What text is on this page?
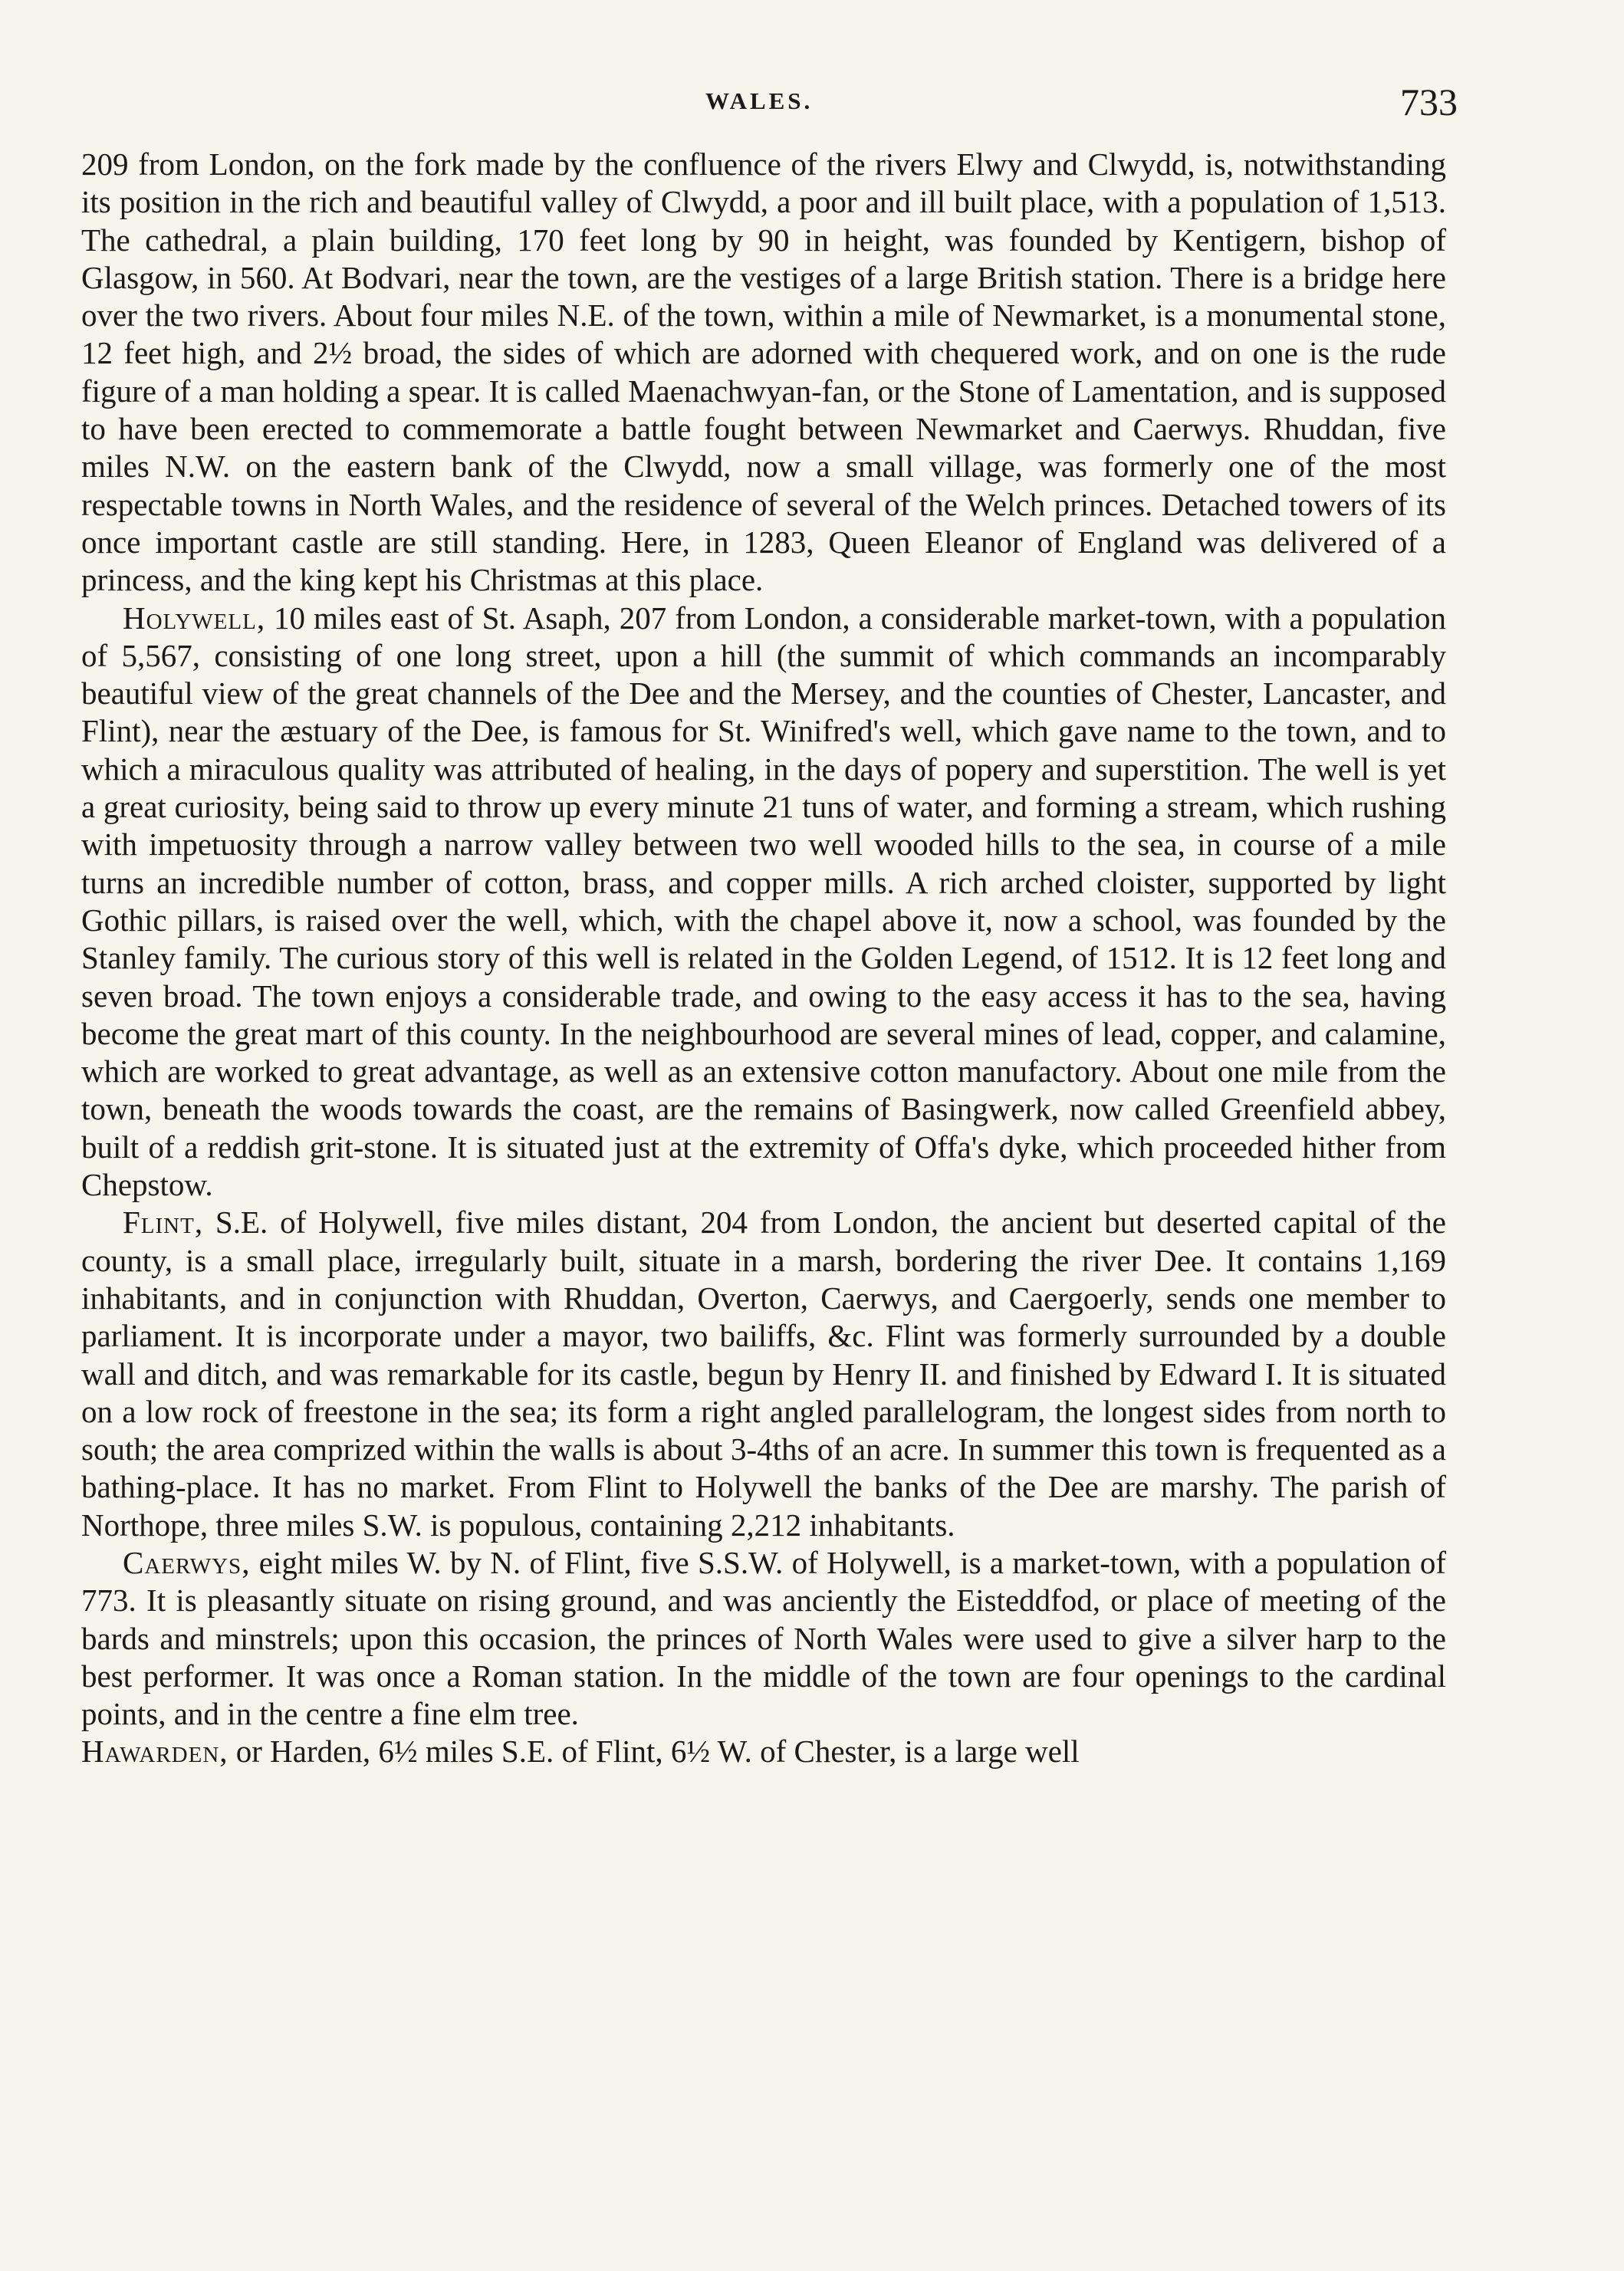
WALES.	733

209 from London, on the fork made by the confluence of the rivers Elwy and Clwydd, is, notwithstanding its position in the rich and beautiful valley of Clwydd, a poor and ill built place, with a population of 1,513. The cathedral, a plain building, 170 feet long by 90 in height, was founded by Kentigern, bishop of Glasgow, in 560. At Bodvari, near the town, are the vestiges of a large British station. There is a bridge here over the two rivers. About four miles N.E. of the town, within a mile of Newmarket, is a monumental stone, 12 feet high, and 2½ broad, the sides of which are adorned with chequered work, and on one is the rude figure of a man holding a spear. It is called Maenachwyan-fan, or the Stone of Lamentation, and is supposed to have been erected to commemorate a battle fought between Newmarket and Caerwys. Rhuddan, five miles N.W. on the eastern bank of the Clwydd, now a small village, was formerly one of the most respectable towns in North Wales, and the residence of several of the Welch princes. Detached towers of its once important castle are still standing. Here, in 1283, Queen Eleanor of England was delivered of a princess, and the king kept his Christmas at this place.

Holywell, 10 miles east of St. Asaph, 207 from London, a considerable market-town, with a population of 5,567, consisting of one long street, upon a hill (the summit of which commands an incomparably beautiful view of the great channels of the Dee and the Mersey, and the counties of Chester, Lancaster, and Flint), near the æstuary of the Dee, is famous for St. Winifred's well, which gave name to the town, and to which a miraculous quality was attributed of healing, in the days of popery and superstition. The well is yet a great curiosity, being said to throw up every minute 21 tuns of water, and forming a stream, which rushing with impetuosity through a narrow valley between two well wooded hills to the sea, in course of a mile turns an incredible number of cotton, brass, and copper mills. A rich arched cloister, supported by light Gothic pillars, is raised over the well, which, with the chapel above it, now a school, was founded by the Stanley family. The curious story of this well is related in the Golden Legend, of 1512. It is 12 feet long and seven broad. The town enjoys a considerable trade, and owing to the easy access it has to the sea, having become the great mart of this county. In the neighbourhood are several mines of lead, copper, and calamine, which are worked to great advantage, as well as an extensive cotton manufactory. About one mile from the town, beneath the woods towards the coast, are the remains of Basingwerk, now called Greenfield abbey, built of a reddish grit-stone. It is situated just at the extremity of Offa's dyke, which proceeded hither from Chepstow.

Flint, S.E. of Holywell, five miles distant, 204 from London, the ancient but deserted capital of the county, is a small place, irregularly built, situate in a marsh, bordering the river Dee. It contains 1,169 inhabitants, and in conjunction with Rhuddan, Overton, Caerwys, and Caergoerly, sends one member to parliament. It is incorporate under a mayor, two bailiffs, &c. Flint was formerly surrounded by a double wall and ditch, and was remarkable for its castle, begun by Henry II. and finished by Edward I. It is situated on a low rock of freestone in the sea; its form a right angled parallelogram, the longest sides from north to south; the area comprized within the walls is about 3-4ths of an acre. In summer this town is frequented as a bathing-place. It has no market. From Flint to Holywell the banks of the Dee are marshy. The parish of Northope, three miles S.W. is populous, containing 2,212 inhabitants.

Caerwys, eight miles W. by N. of Flint, five S.S.W. of Holywell, is a market-town, with a population of 773. It is pleasantly situate on rising ground, and was anciently the Eisteddfod, or place of meeting of the bards and minstrels; upon this occasion, the princes of North Wales were used to give a silver harp to the best performer. It was once a Roman station. In the middle of the town are four openings to the cardinal points, and in the centre a fine elm tree.

Hawarden, or Harden, 6½ miles S.E. of Flint, 6½ W. of Chester, is a large well
